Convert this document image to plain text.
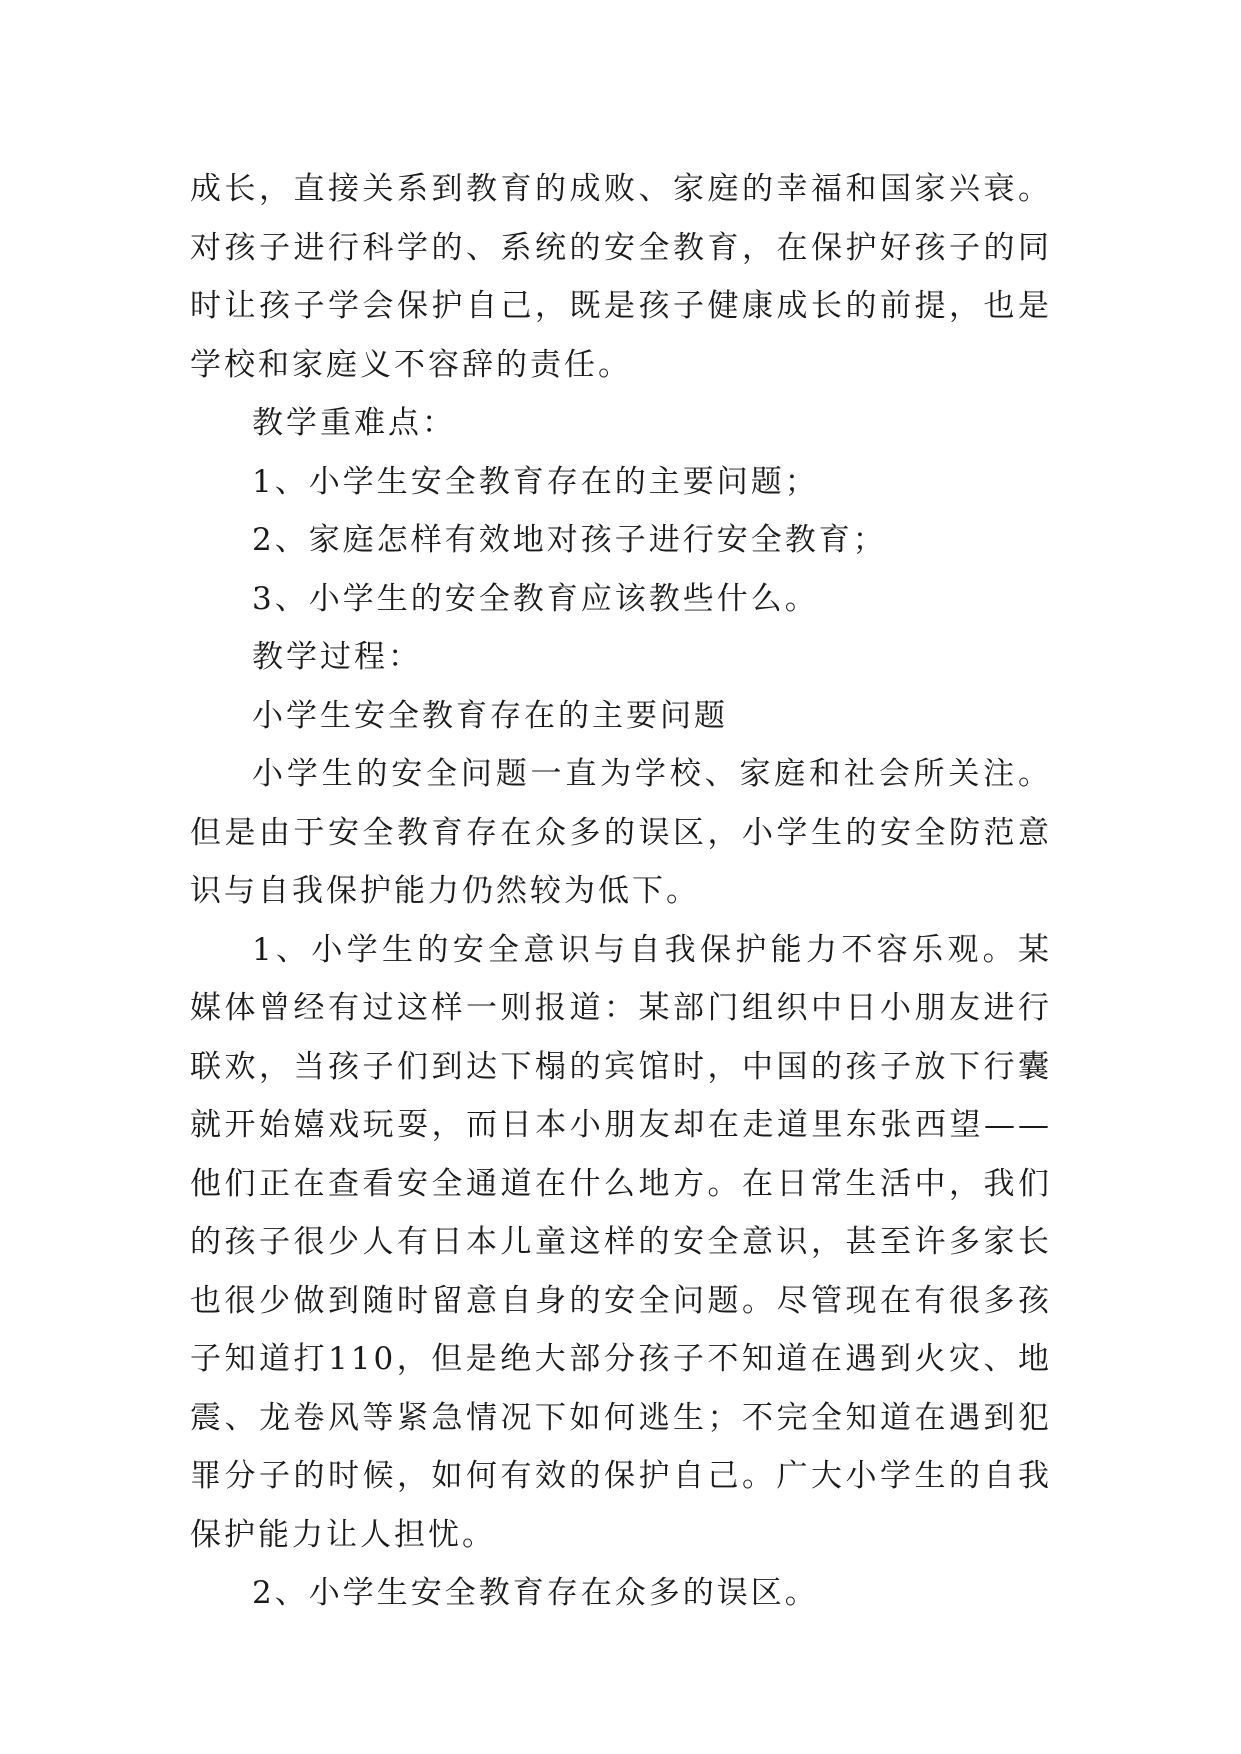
成长，直接关系到教育的成败、家庭的幸福和国家兴衰。对孩子进行科学的、系统的安全教育，在保护好孩子的同时让孩子学会保护自己，既是孩子健康成长的前提，也是学校和家庭义不容辞的责任。

教学重难点：

1、小学生安全教育存在的主要问题；

2、家庭怎样有效地对孩子进行安全教育；

3、小学生的安全教育应该教些什么。

教学过程：

小学生安全教育存在的主要问题

小学生的安全问题一直为学校、家庭和社会所关注。但是由于安全教育存在众多的误区，小学生的安全防范意识与自我保护能力仍然较为低下。

1、小学生的安全意识与自我保护能力不容乐观。某媒体曾经有过这样一则报道：某部门组织中日小朋友进行联欢，当孩子们到达下榻的宾馆时，中国的孩子放下行囊就开始嬉戏玩耍，而日本小朋友却在走道里东张西望——他们正在查看安全通道在什么地方。在日常生活中，我们的孩子很少人有日本儿童这样的安全意识，甚至许多家长也很少做到随时留意自身的安全问题。尽管现在有很多孩子知道打110，但是绝大部分孩子不知道在遇到火灾、地震、龙卷风等紧急情况下如何逃生；不完全知道在遇到犯罪分子的时候，如何有效的保护自己。广大小学生的自我保护能力让人担忧。

2、小学生安全教育存在众多的误区。
